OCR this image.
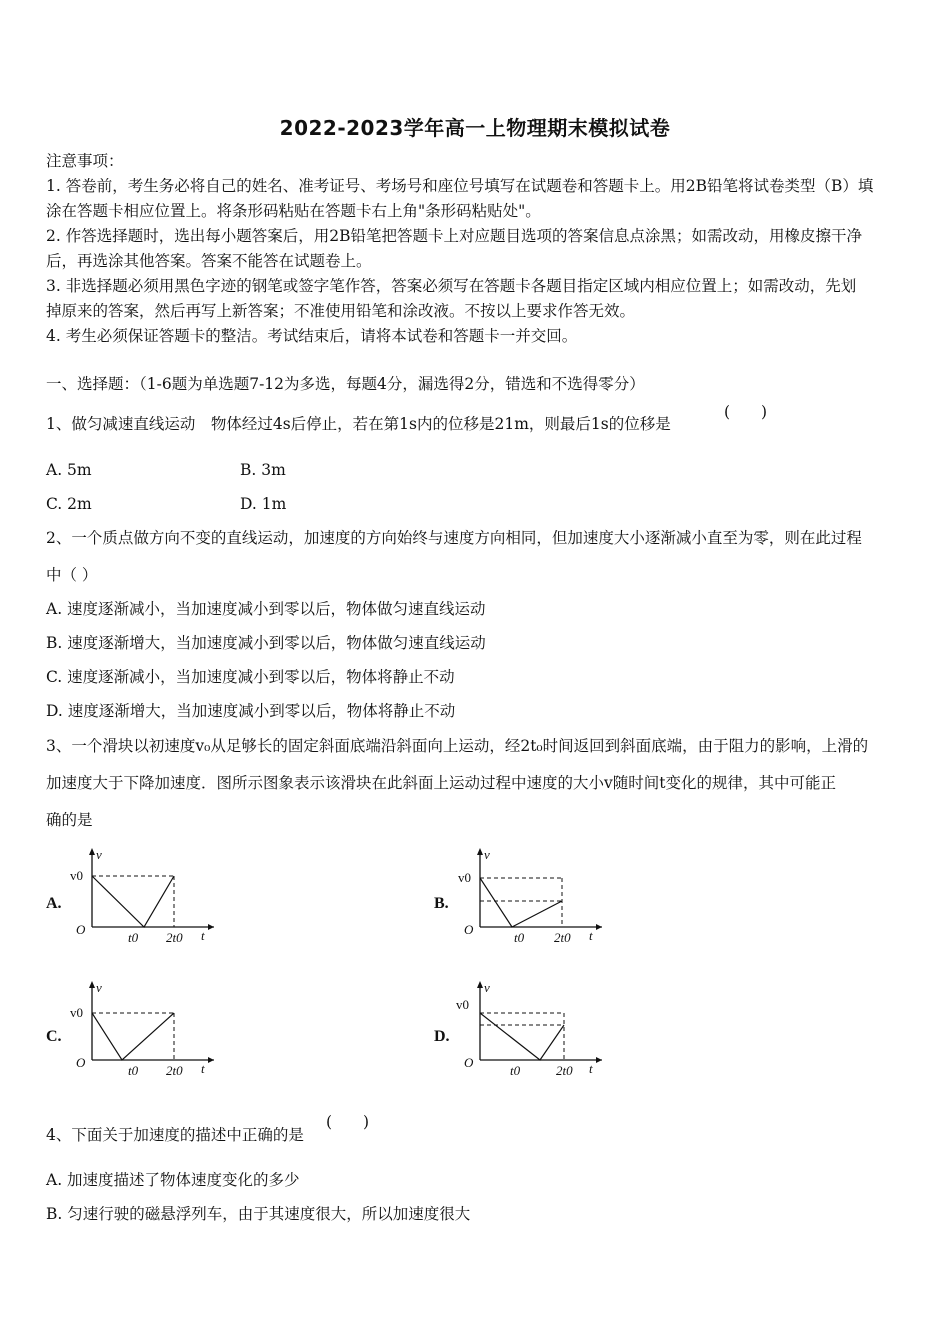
2022-2023学年高一上物理期末模拟试卷
注意事项：
1. 答卷前，考生务必将自己的姓名、准考证号、考场号和座位号填写在试题卷和答题卡上。用2B铅笔将试卷类型（B）填
涂在答题卡相应位置上。将条形码粘贴在答题卡右上角"条形码粘贴处"。
2. 作答选择题时，选出每小题答案后，用2B铅笔把答题卡上对应题目选项的答案信息点涂黑；如需改动，用橡皮擦干净
后，再选涂其他答案。答案不能答在试题卷上。
3. 非选择题必须用黑色字迹的钢笔或签字笔作答，答案必须写在答题卡各题目指定区域内相应位置上；如需改动，先划
掉原来的答案，然后再写上新答案；不准使用铅笔和涂改液。不按以上要求作答无效。
4. 考生必须保证答题卡的整洁。考试结束后，请将本试卷和答题卡一并交回。
一、选择题：（1-6题为单选题7-12为多选，每题4分，漏选得2分，错选和不选得零分）
1、做匀减速直线运动　物体经过4s后停止，若在第1s内的位移是21m，则最后1s的位移是
(　　)
A. 5m	B. 3m
C. 2m	D. 1m
2、一个质点做方向不变的直线运动，加速度的方向始终与速度方向相同，但加速度大小逐渐减小直至为零，则在此过程
中（ ）
A. 速度逐渐减小，当加速度减小到零以后，物体做匀速直线运动
B. 速度逐渐增大，当加速度减小到零以后，物体做匀速直线运动
C. 速度逐渐减小，当加速度减小到零以后，物体将静止不动
D. 速度逐渐增大，当加速度减小到零以后，物体将静止不动
3、一个滑块以初速度v₀从足够长的固定斜面底端沿斜面向上运动，经2t₀时间返回到斜面底端，由于阻力的影响，上滑的
加速度大于下降加速度．图所示图象表示该滑块在此斜面上运动过程中速度的大小v随时间t变化的规律，其中可能正
确的是
A.
v
v0
O
t0 2t0 t
B.
v
v0
O
t0 2t0 t
C.
v
v0
O
t0 2t0 t
D.
v
v0
O
t0	2t0 t
4、下面关于加速度的描述中正确的是
(　　)
A. 加速度描述了物体速度变化的多少
B. 匀速行驶的磁悬浮列车，由于其速度很大，所以加速度很大
